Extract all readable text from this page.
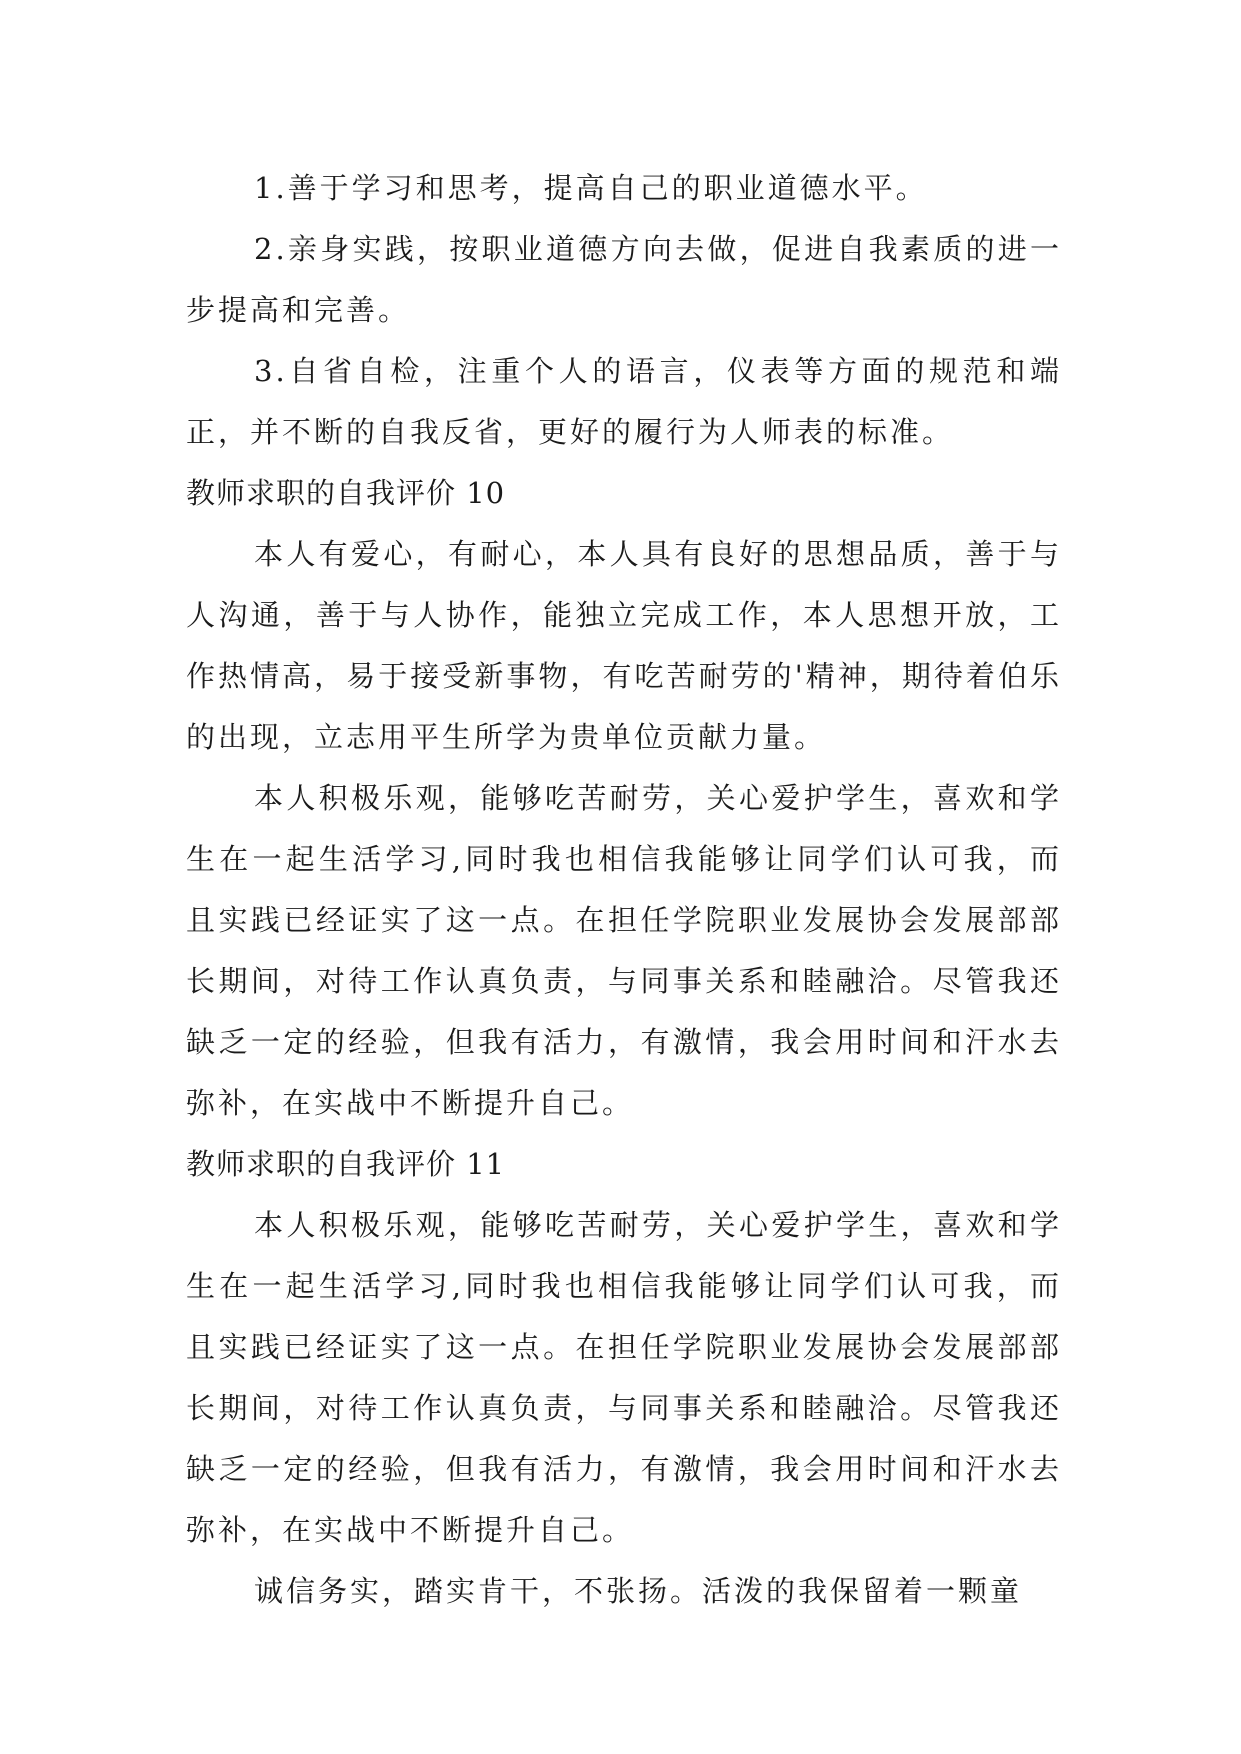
1.善于学习和思考，提高自己的职业道德水平。

2.亲身实践，按职业道德方向去做，促进自我素质的进一步提高和完善。

3.自省自检，注重个人的语言，仪表等方面的规范和端正，并不断的自我反省，更好的履行为人师表的标准。

教师求职的自我评价 10

本人有爱心，有耐心，本人具有良好的思想品质，善于与人沟通，善于与人协作，能独立完成工作，本人思想开放，工作热情高，易于接受新事物，有吃苦耐劳的'精神，期待着伯乐的出现，立志用平生所学为贵单位贡献力量。

本人积极乐观，能够吃苦耐劳，关心爱护学生，喜欢和学生在一起生活学习,同时我也相信我能够让同学们认可我，而且实践已经证实了这一点。在担任学院职业发展协会发展部部长期间，对待工作认真负责，与同事关系和睦融洽。尽管我还缺乏一定的经验，但我有活力，有激情，我会用时间和汗水去弥补，在实战中不断提升自己。

教师求职的自我评价 11

本人积极乐观，能够吃苦耐劳，关心爱护学生，喜欢和学生在一起生活学习,同时我也相信我能够让同学们认可我，而且实践已经证实了这一点。在担任学院职业发展协会发展部部长期间，对待工作认真负责，与同事关系和睦融洽。尽管我还缺乏一定的经验，但我有活力，有激情，我会用时间和汗水去弥补，在实战中不断提升自己。

诚信务实，踏实肯干，不张扬。活泼的我保留着一颗童
